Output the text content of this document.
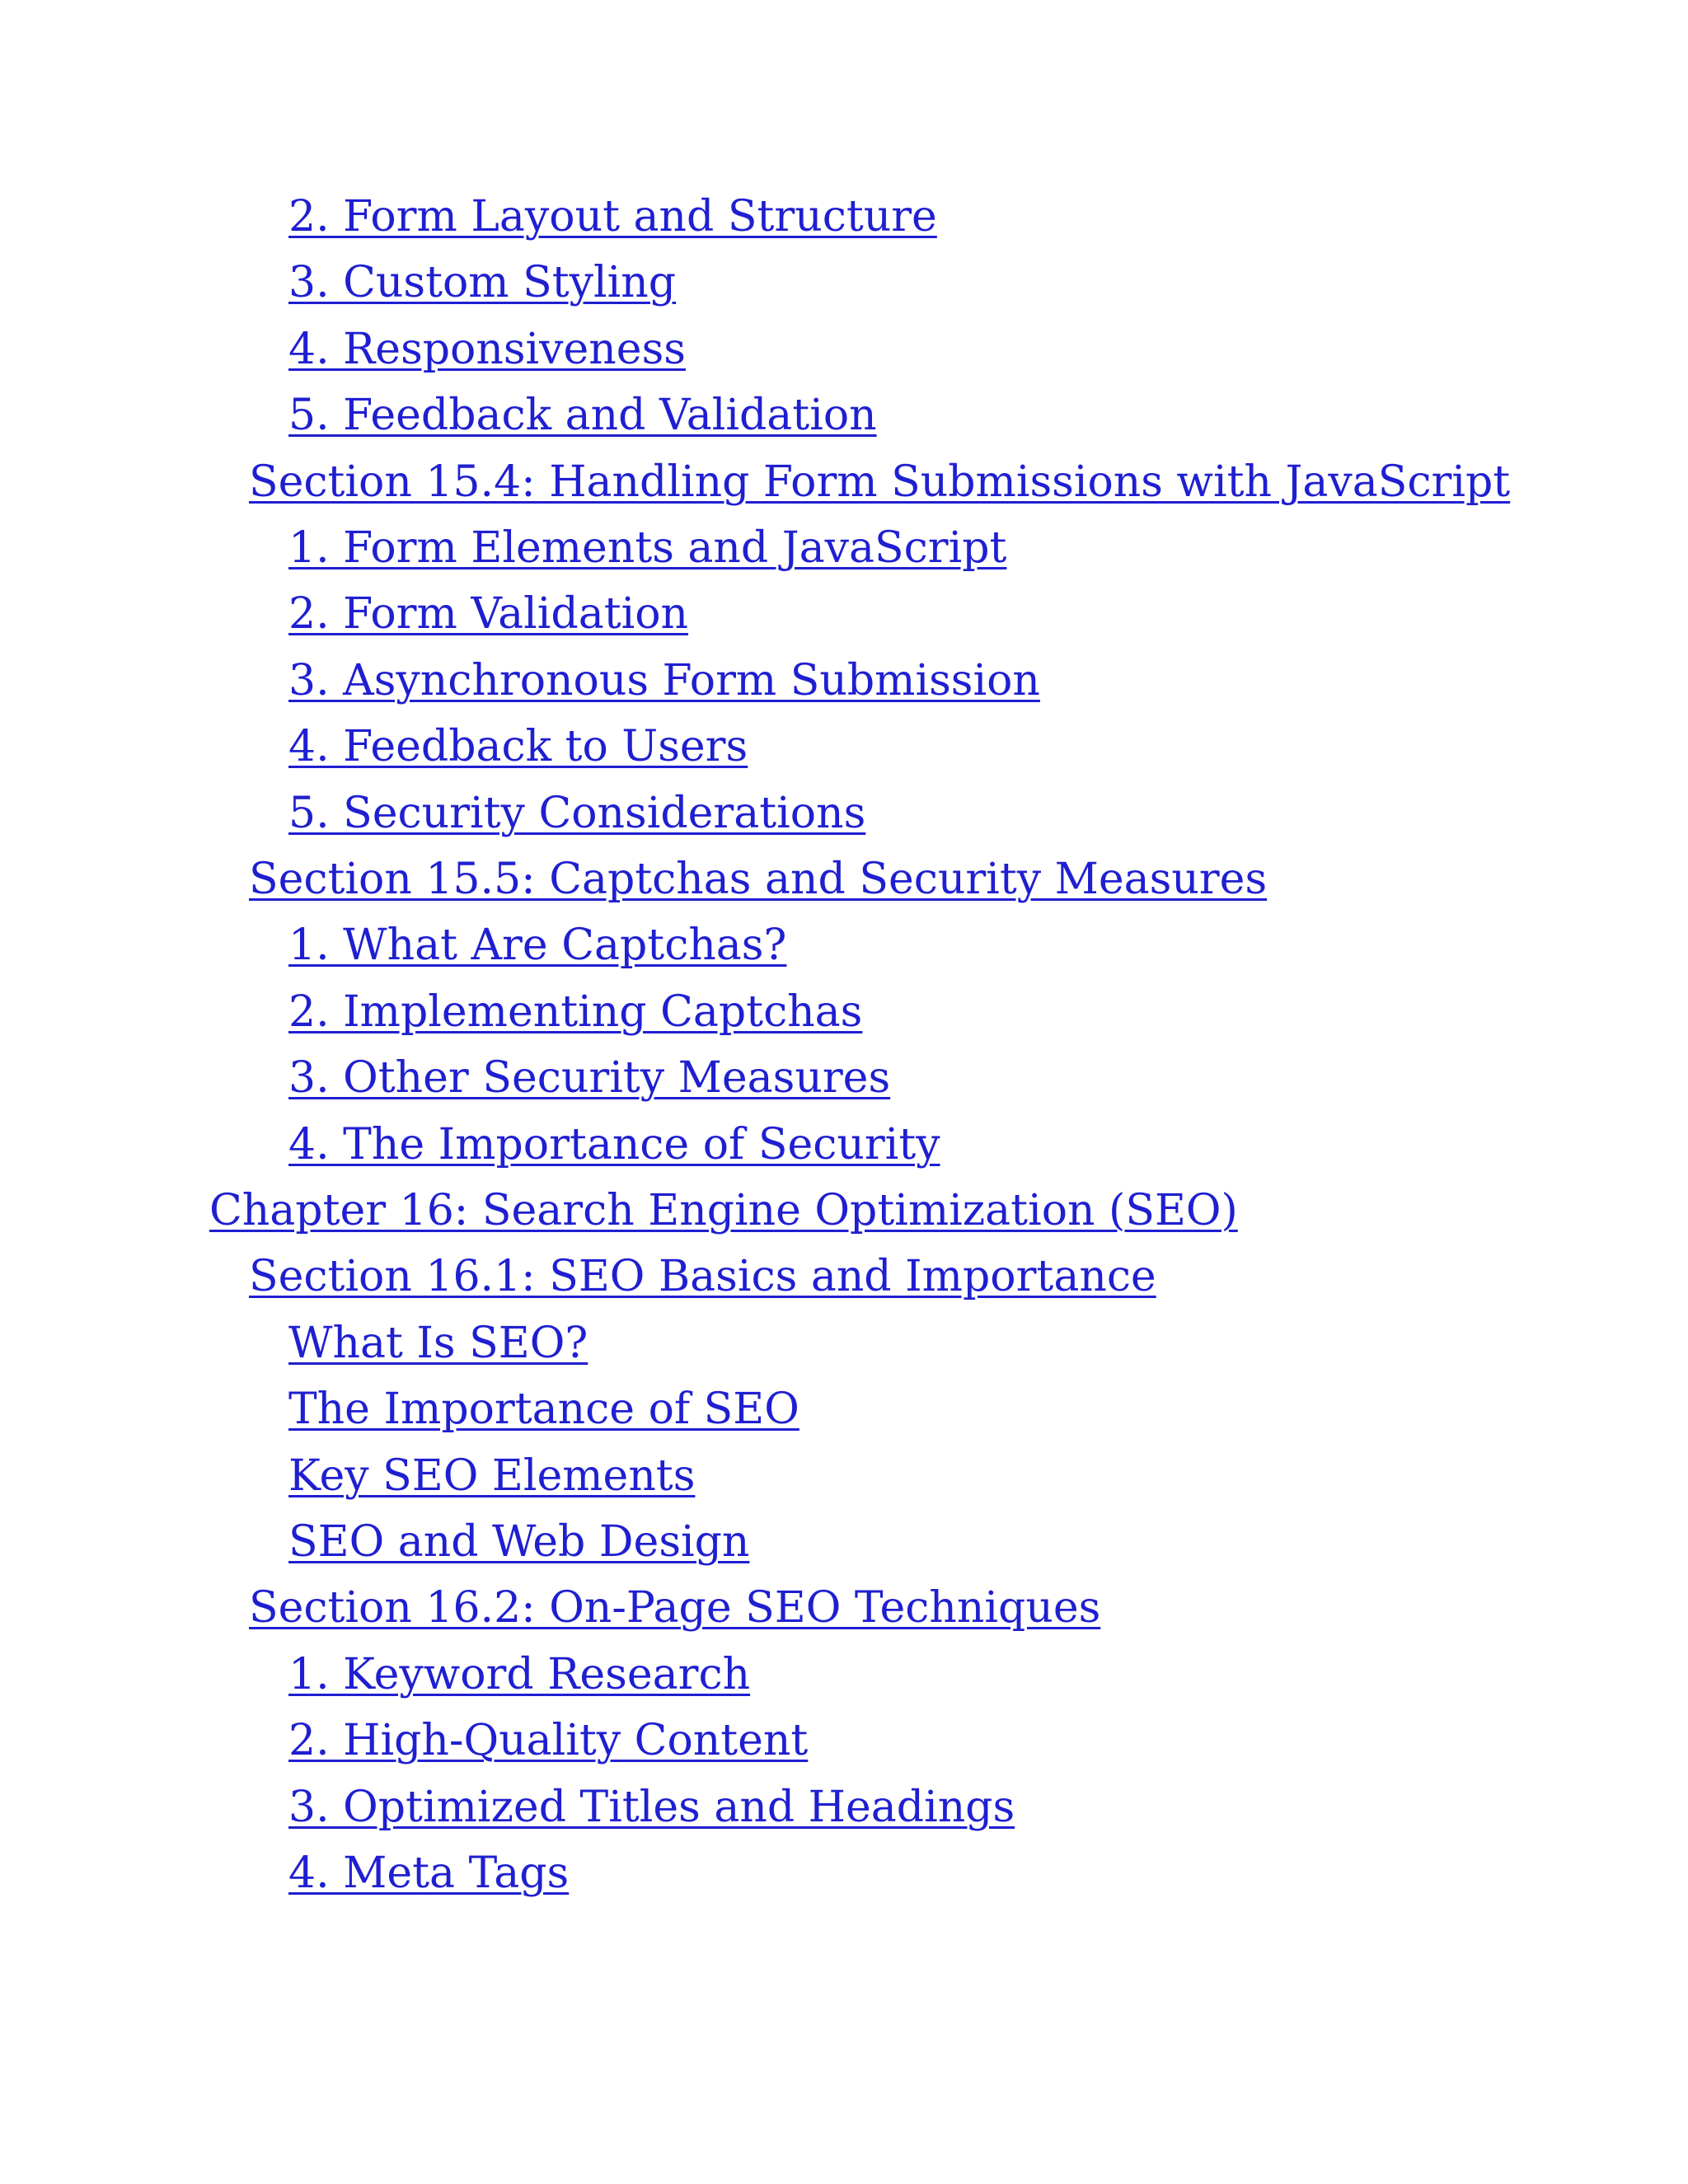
2. Form Layout and Structure
3. Custom Styling
4. Responsiveness
5. Feedback and Validation
Section 15.4: Handling Form Submissions with JavaScript
1. Form Elements and JavaScript
2. Form Validation
3. Asynchronous Form Submission
4. Feedback to Users
5. Security Considerations
Section 15.5: Captchas and Security Measures
1. What Are Captchas?
2. Implementing Captchas
3. Other Security Measures
4. The Importance of Security
Chapter 16: Search Engine Optimization (SEO)
Section 16.1: SEO Basics and Importance
What Is SEO?
The Importance of SEO
Key SEO Elements
SEO and Web Design
Section 16.2: On-Page SEO Techniques
1. Keyword Research
2. High-Quality Content
3. Optimized Titles and Headings
4. Meta Tags
